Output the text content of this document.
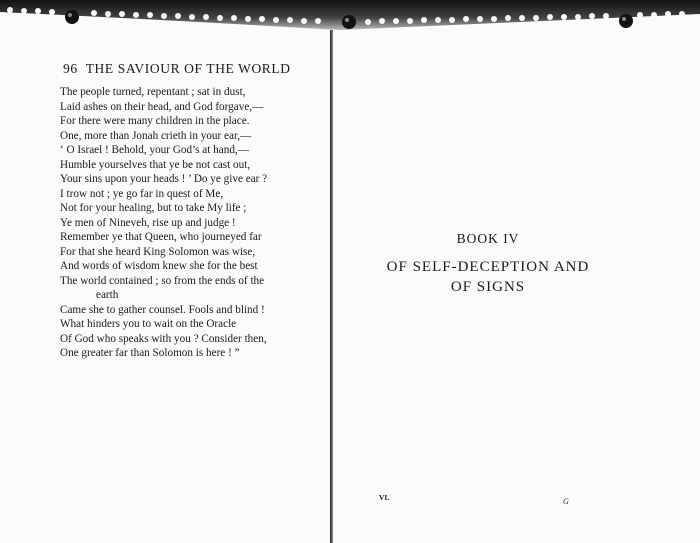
96 THE SAVIOUR OF THE WORLD
The people turned, repentant ; sat in dust,
Laid ashes on their head, and God forgave,—
For there were many children in the place.
One, more than Jonah crieth in your ear,—
‘ O Israel ! Behold, your God’s at hand,—
Humble yourselves that ye be not cast out,
Your sins upon your heads ! ’ Do ye give ear ?
I trow not ; ye go far in quest of Me,
Not for your healing, but to take My life ;
Ye men of Nineveh, rise up and judge !
Remember ye that Queen, who journeyed far
For that she heard King Solomon was wise,
And words of wisdom knew she for the best
The world contained ; so from the ends of the
earth
Came she to gather counsel. Fools and blind !
What hinders you to wait on the Oracle
Of God who speaks with you ? Consider then,
One greater far than Solomon is here ! ”
BOOK IV
OF SELF-DECEPTION AND
OF SIGNS
VI.	G
